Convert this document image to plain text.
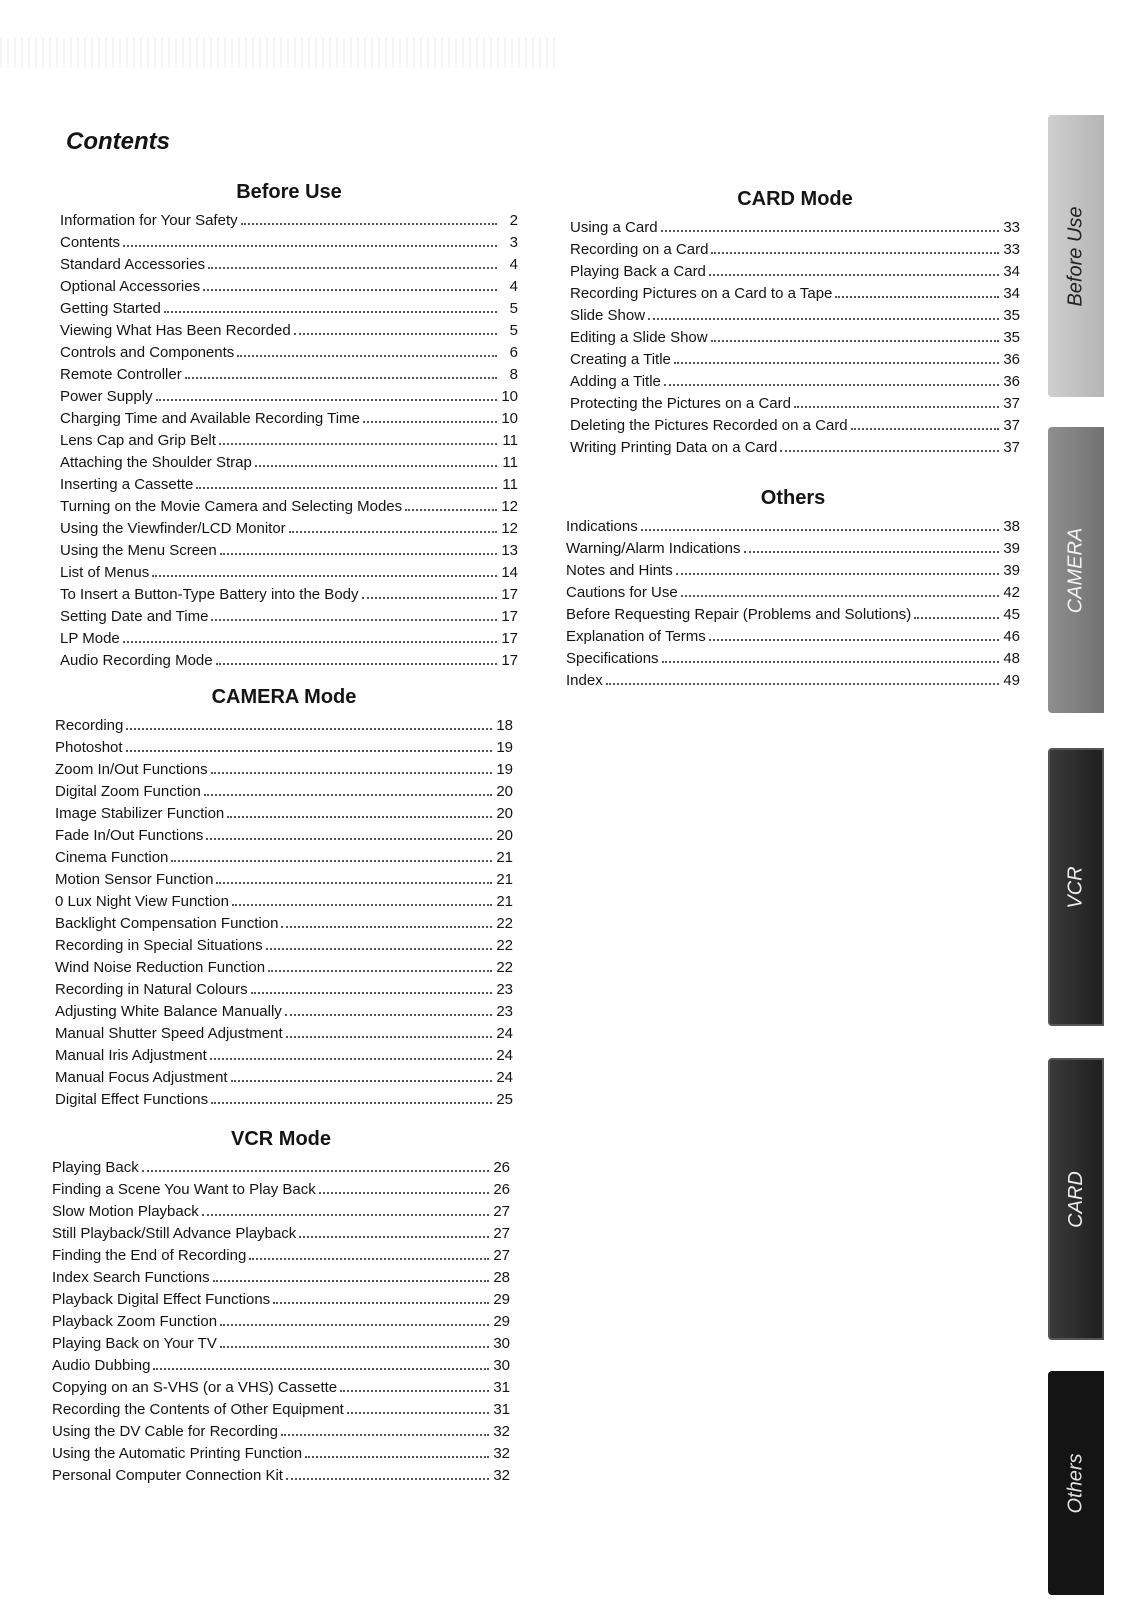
Contents
Before Use
Information for Your Safety	2
Contents	3
Standard Accessories	4
Optional Accessories	4
Getting Started	5
Viewing What Has Been Recorded	5
Controls and Components	6
Remote Controller	8
Power Supply	10
Charging Time and Available Recording Time	10
Lens Cap and Grip Belt	11
Attaching the Shoulder Strap	11
Inserting a Cassette	11
Turning on the Movie Camera and Selecting Modes	12
Using the Viewfinder/LCD Monitor	12
Using the Menu Screen	13
List of Menus	14
To Insert a Button-Type Battery into the Body	17
Setting Date and Time	17
LP Mode	17
Audio Recording Mode	17
CAMERA Mode
Recording	18
Photoshot	19
Zoom In/Out Functions	19
Digital Zoom Function	20
Image Stabilizer Function	20
Fade In/Out Functions	20
Cinema Function	21
Motion Sensor Function	21
0 Lux Night View Function	21
Backlight Compensation Function	22
Recording in Special Situations	22
Wind Noise Reduction Function	22
Recording in Natural Colours	23
Adjusting White Balance Manually	23
Manual Shutter Speed Adjustment	24
Manual Iris Adjustment	24
Manual Focus Adjustment	24
Digital Effect Functions	25
VCR Mode
Playing Back	26
Finding a Scene You Want to Play Back	26
Slow Motion Playback	27
Still Playback/Still Advance Playback	27
Finding the End of Recording	27
Index Search Functions	28
Playback Digital Effect Functions	29
Playback Zoom Function	29
Playing Back on Your TV	30
Audio Dubbing	30
Copying on an S-VHS (or a VHS) Cassette	31
Recording the Contents of Other Equipment	31
Using the DV Cable for Recording	32
Using the Automatic Printing Function	32
Personal Computer Connection Kit	32
CARD Mode
Using a Card	33
Recording on a Card	33
Playing Back a Card	34
Recording Pictures on a Card to a Tape	34
Slide Show	35
Editing a Slide Show	35
Creating a Title	36
Adding a Title	36
Protecting the Pictures on a Card	37
Deleting the Pictures Recorded on a Card	37
Writing Printing Data on a Card	37
Others
Indications	38
Warning/Alarm Indications	39
Notes and Hints	39
Cautions for Use	42
Before Requesting Repair (Problems and Solutions)	45
Explanation of Terms	46
Specifications	48
Index	49
Before Use
CAMERA
VCR
CARD
Others
